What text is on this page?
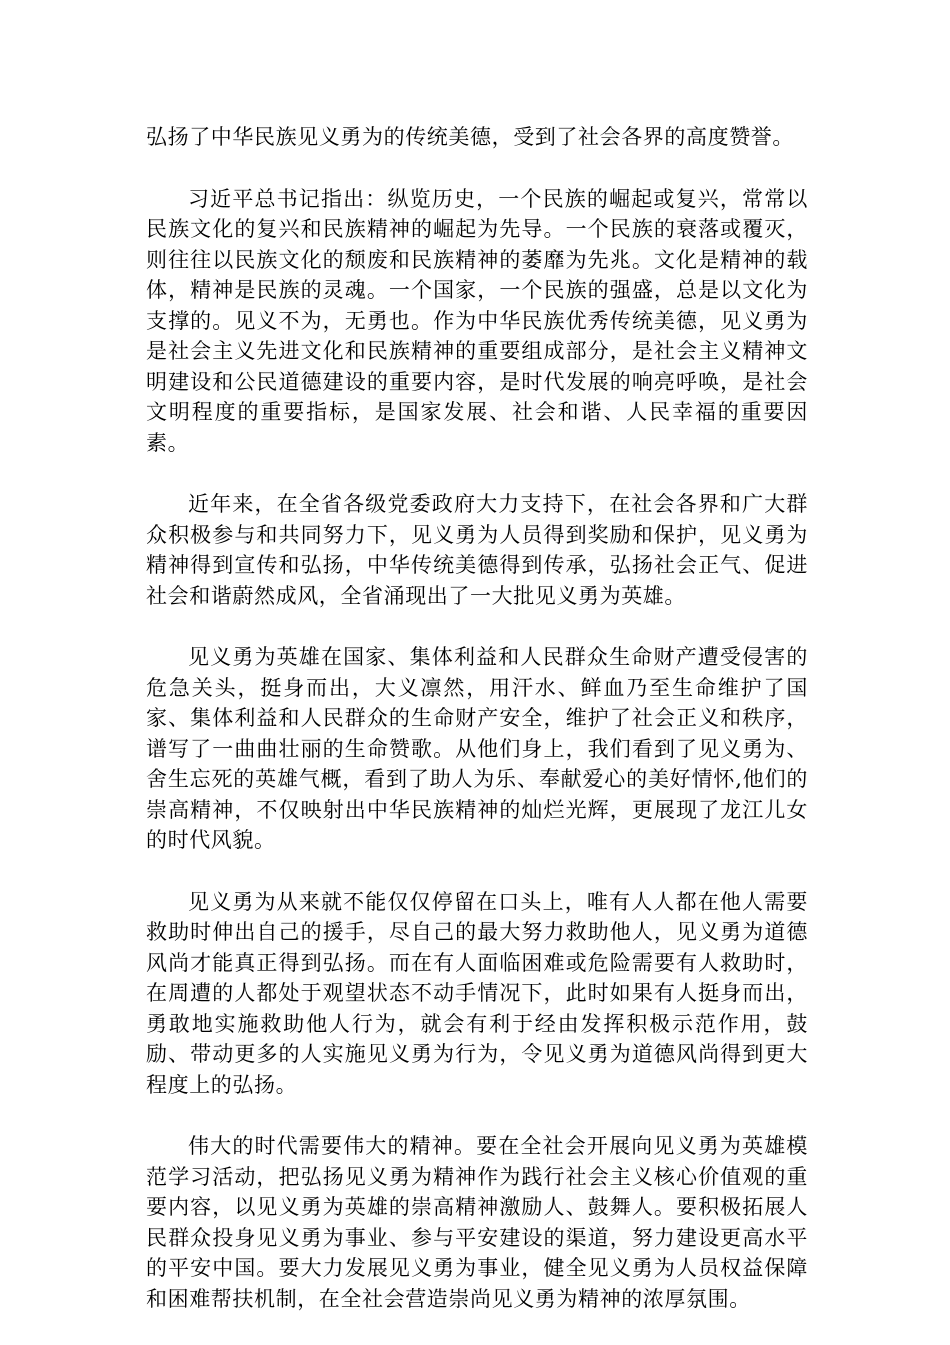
弘扬了中华民族见义勇为的传统美德，受到了社会各界的高度赞誉。

习近平总书记指出：纵览历史，一个民族的崛起或复兴，常常以民族文化的复兴和民族精神的崛起为先导。一个民族的衰落或覆灭，则往往以民族文化的颓废和民族精神的萎靡为先兆。文化是精神的载体，精神是民族的灵魂。一个国家，一个民族的强盛，总是以文化为支撑的。见义不为，无勇也。作为中华民族优秀传统美德，见义勇为是社会主义先进文化和民族精神的重要组成部分，是社会主义精神文明建设和公民道德建设的重要内容，是时代发展的响亮呼唤，是社会文明程度的重要指标，是国家发展、社会和谐、人民幸福的重要因素。

近年来，在全省各级党委政府大力支持下，在社会各界和广大群众积极参与和共同努力下，见义勇为人员得到奖励和保护，见义勇为精神得到宣传和弘扬，中华传统美德得到传承，弘扬社会正气、促进社会和谐蔚然成风，全省涌现出了一大批见义勇为英雄。

见义勇为英雄在国家、集体利益和人民群众生命财产遭受侵害的危急关头，挺身而出，大义凛然，用汗水、鲜血乃至生命维护了国家、集体利益和人民群众的生命财产安全，维护了社会正义和秩序，谱写了一曲曲壮丽的生命赞歌。从他们身上，我们看到了见义勇为、舍生忘死的英雄气概，看到了助人为乐、奉献爱心的美好情怀,他们的崇高精神，不仅映射出中华民族精神的灿烂光辉，更展现了龙江儿女的时代风貌。

见义勇为从来就不能仅仅停留在口头上，唯有人人都在他人需要救助时伸出自己的援手，尽自己的最大努力救助他人，见义勇为道德风尚才能真正得到弘扬。而在有人面临困难或危险需要有人救助时，在周遭的人都处于观望状态不动手情况下，此时如果有人挺身而出，勇敢地实施救助他人行为，就会有利于经由发挥积极示范作用，鼓励、带动更多的人实施见义勇为行为，令见义勇为道德风尚得到更大程度上的弘扬。

伟大的时代需要伟大的精神。要在全社会开展向见义勇为英雄模范学习活动，把弘扬见义勇为精神作为践行社会主义核心价值观的重要内容，以见义勇为英雄的崇高精神激励人、鼓舞人。要积极拓展人民群众投身见义勇为事业、参与平安建设的渠道，努力建设更高水平的平安中国。要大力发展见义勇为事业，健全见义勇为人员权益保障和困难帮扶机制，在全社会营造崇尚见义勇为精神的浓厚氛围。
